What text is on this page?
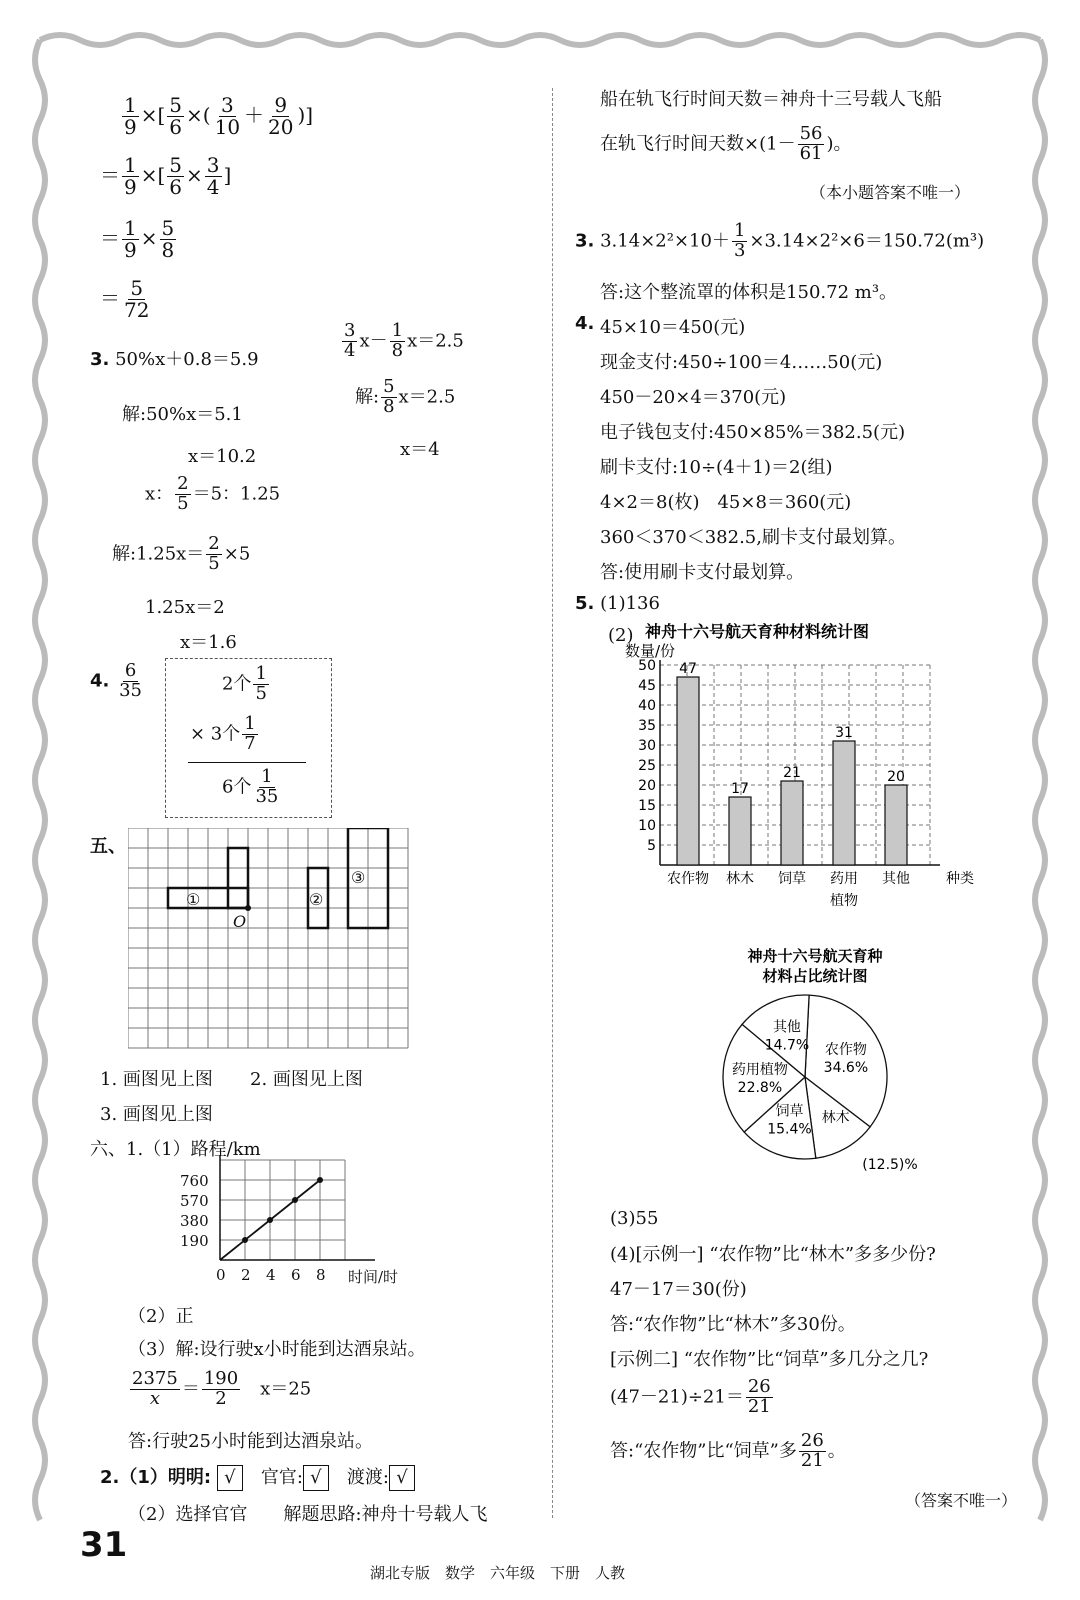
$\frac{1}{9}$ ×[ $\frac{5}{6}$ ×( $\frac{3}{10} + \frac{9}{20}$ )]
＝ $\frac{1}{9}$ ×[ $\frac{5}{6} \times \frac{3}{4}$ ]
＝ $\frac{1}{9} \times \frac{5}{8}$
＝ $\frac{5}{72}$
3. 50%x＋0.8＝5.9
解:50%x＝5.1
x＝10.2
$\frac{3}{4} x- \frac{1}{8} x=2.5$
解: $\frac{5}{8} x=2.5$
x＝4
x： $\frac{2}{5} =5$：1.25
解:1.25x＝ $\frac{2}{5} \times 5$
1.25x＝2
x＝1.6
4. $\frac{6}{35}$	2个 $\frac{1}{5}$
× 3个 $\frac{1}{7}$
6个 $\frac{1}{35}$
五、
①
O
②
③
1. 画图见上图 2. 画图见上图
3. 画图见上图
六、1.（1）路程/km
760
570
380
190
0 2 4 6 8 时间/时
（2）正
（3）解:设行驶x小时能到达酒泉站。
$\frac{2375}{x} = \frac{190}{2}$
　 x＝25
答:行驶25小时能到达酒泉站。
2.（1）明明: √　 官官: √　 渡渡: √
（2）选择官官　　解题思路:神舟十号载人飞
船在轨飞行时间天数＝神舟十三号载人飞船
在轨飞行时间天数$\times(1- \frac{56}{61}$ )。
（本小题答案不唯一）
3. $3.14\times 2^2\times 10+ \frac{1}{3} \times 3.14\times 2^2\times 6=150.72(m^3)$
答:这个整流罩的体积是150.72 m³。
4. 45×10＝450(元)
现金支付:450÷100＝4……50(元)
450－20×4＝370(元)
电子钱包支付:450×85%＝382.5(元)
刷卡支付:10÷(4＋1)＝2(组)
4×2＝8(枚)　45×8＝360(元)
360＜370＜382.5,刷卡支付最划算。
答:使用刷卡支付最划算。
5. (1)136
(2) 神舟十六号航天育种材料统计图
数量/份
5
10
15
20
25
30
35
40
45
50 47
农作物
17
林木
21
饲草
31
药用
20
其他
植物
种类
神舟十六号航天育种
材料占比统计图
农作物
34.6%
林木
(12.5)%
饲草
15.4%
药用植物
22.8%
其他
14.7%
(3)55
(4)[示例一] “农作物”比“林木”多多少份?
47－17＝30(份)
答:“农作物”比“林木”多30份。
[示例二] “农作物”比“饲草”多几分之几?
$(47-21)\div 21= \frac{26}{21}$
答:“农作物”比“饲草”多 $\frac{26}{21}$ 。
（答案不唯一）
31
湖北专版　数学　六年级　下册　人教
